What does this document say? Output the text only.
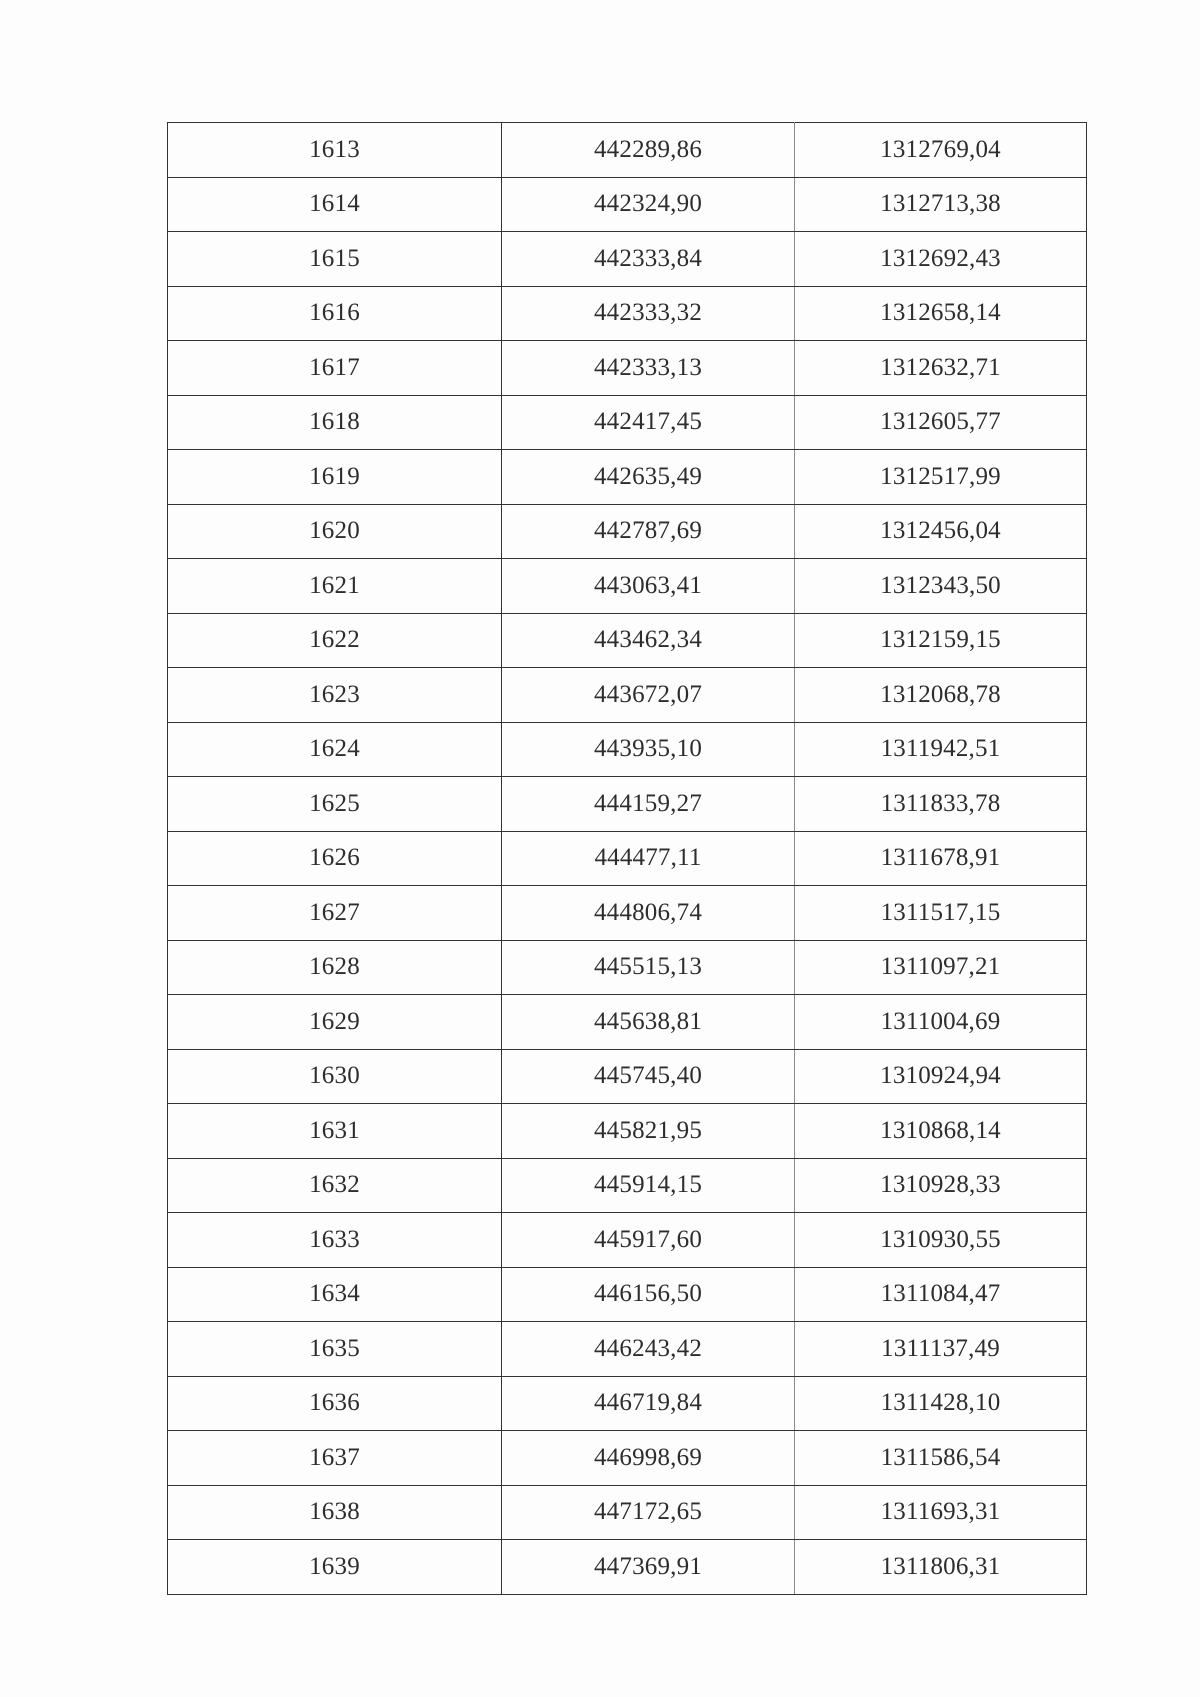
1613	442289,86	1312769,04
1614	442324,90	1312713,38
1615	442333,84	1312692,43
1616	442333,32	1312658,14
1617	442333,13	1312632,71
1618	442417,45	1312605,77
1619	442635,49	1312517,99
1620	442787,69	1312456,04
1621	443063,41	1312343,50
1622	443462,34	1312159,15
1623	443672,07	1312068,78
1624	443935,10	1311942,51
1625	444159,27	1311833,78
1626	444477,11	1311678,91
1627	444806,74	1311517,15
1628	445515,13	1311097,21
1629	445638,81	1311004,69
1630	445745,40	1310924,94
1631	445821,95	1310868,14
1632	445914,15	1310928,33
1633	445917,60	1310930,55
1634	446156,50	1311084,47
1635	446243,42	1311137,49
1636	446719,84	1311428,10
1637	446998,69	1311586,54
1638	447172,65	1311693,31
1639	447369,91	1311806,31
